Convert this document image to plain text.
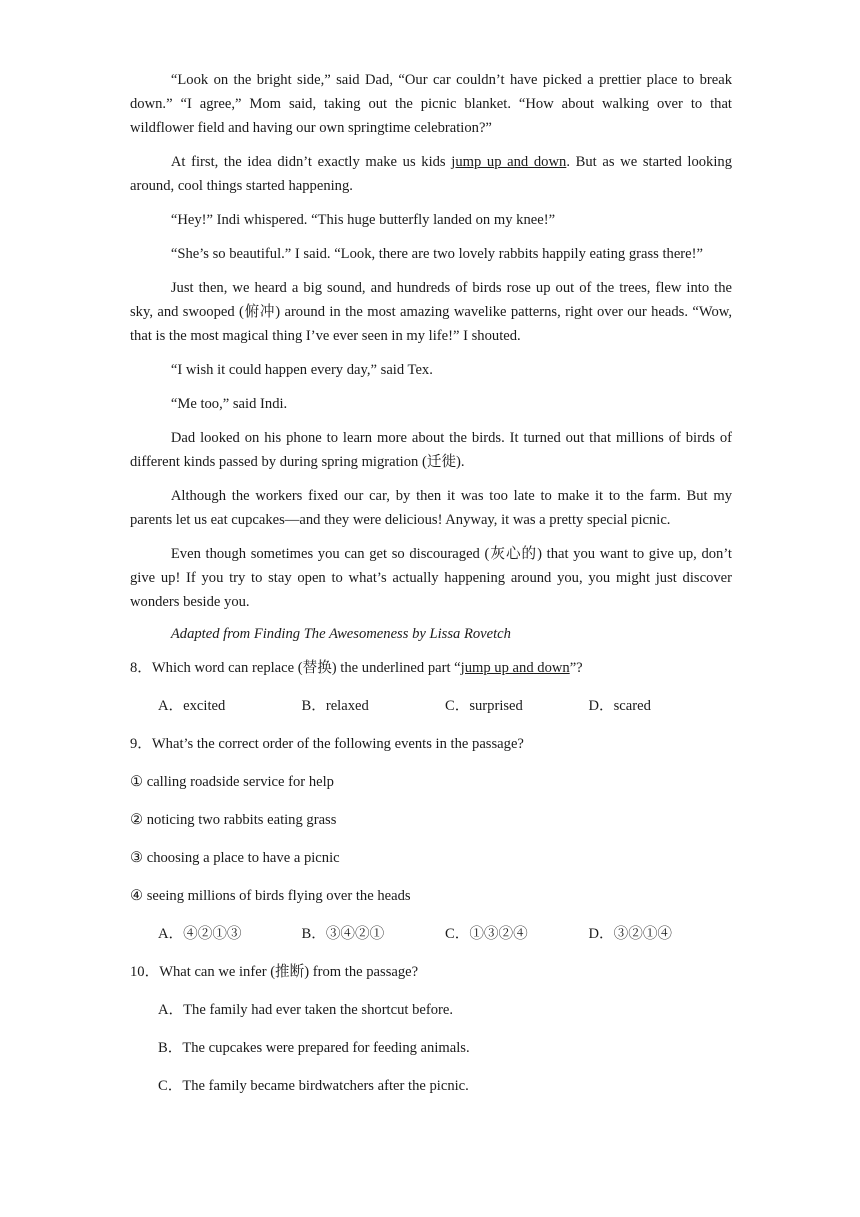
“Look on the bright side,” said Dad, “Our car couldn’t have picked a prettier place to break down.” “I agree,” Mom said, taking out the picnic blanket. “How about walking over to that wildflower field and having our own springtime celebration?”

At first, the idea didn’t exactly make us kids jump up and down. But as we started looking around, cool things started happening.

“Hey!” Indi whispered. “This huge butterfly landed on my knee!”

“She’s so beautiful.” I said. “Look, there are two lovely rabbits happily eating grass there!”

Just then, we heard a big sound, and hundreds of birds rose up out of the trees, flew into the sky, and swooped (俯冲) around in the most amazing wavelike patterns, right over our heads. “Wow, that is the most magical thing I’ve ever seen in my life!” I shouted.

“I wish it could happen every day,” said Tex.

“Me too,” said Indi.

Dad looked on his phone to learn more about the birds. It turned out that millions of birds of different kinds passed by during spring migration (迁徙).

Although the workers fixed our car, by then it was too late to make it to the farm. But my parents let us eat cupcakes—and they were delicious! Anyway, it was a pretty special picnic.

Even though sometimes you can get so discouraged (灰心的) that you want to give up, don’t give up! If you try to stay open to what’s actually happening around you, you might just discover wonders beside you.

Adapted from Finding The Awesomeness by Lissa Rovetch

8．Which word can replace (替换) the underlined part “jump up and down”?
A．excited	B．relaxed	C．surprised	D．scared
9．What’s the correct order of the following events in the passage?
① calling roadside service for help
② noticing two rabbits eating grass
③ choosing a place to have a picnic
④ seeing millions of birds flying over the heads
A．④②①③	B．③④②①	C．①③②④	D．③②①④
10．What can we infer (推断) from the passage?
A．The family had ever taken the shortcut before.
B．The cupcakes were prepared for feeding animals.
C．The family became birdwatchers after the picnic.
